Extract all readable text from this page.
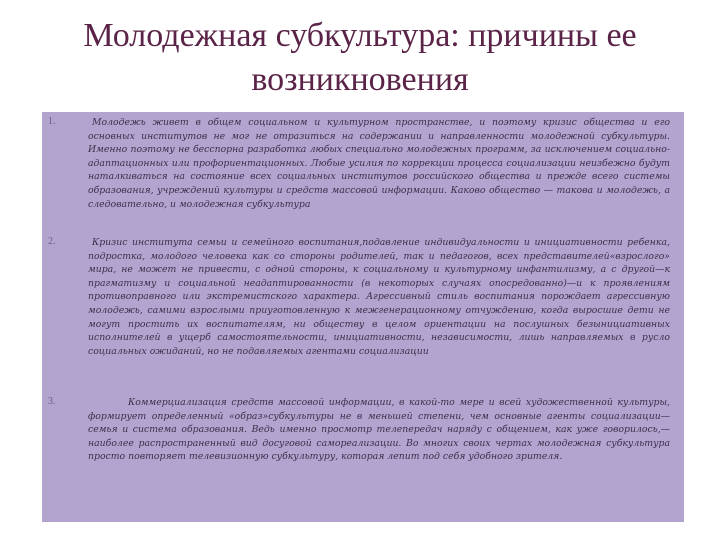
Молодежная субкультура: причины ее
возникновения
1.	Молодежь живет в общем социальном и культурном пространстве, и поэтому кризис общества и его основных институтов не мог не отразиться на содержании и направленности молодежной субкультуры. Именно поэтому не бесспорна разработка любых специально молодежных программ, за исключением социально-адаптационных или профориентационных. Любые усилия по коррекции процесса социализации неизбежно будут наталкиваться на состояние всех социальных институтов российского общества и прежде всего системы образования, учреждений культуры и средств массовой информации. Каково общество — такова и молодежь, а следовательно, и молодежная субкультура
2.	Кризис института семьи и семейного воспитания,подавление индивидуальности и инициативности ребенка, подростка, молодого человека как со стороны родителей, так и педагогов, всех представителей«взрослого» мира, не может не привести, с одной стороны, к социальному и культурному инфантилизму, а с другой—к прагматизму и социальной неадаптированности (в некоторых случаях опосредованно)—и к проявлениям противоправного или экстремистского характера. Агрессивный стиль воспитания порождает агрессивную молодежь, самими взрослыми приуготовленную к межгенерационному отчуждению, когда выросшие дети не могут простить их воспитателям, ни обществу в целом ориентации на послушных безынициативных исполнителей в ущерб самостоятельности, инициативности, независимости, лишь направляемых в русло социальных ожиданий, но не подавляемых агентами социализации
3.	Коммерциализация средств массовой информации, в какой-то мере и всей художественной культуры, формирует определенный «образ»субкультуры не в меньшей степени, чем основные агенты социализации—семья и система образования. Ведь именно просмотр телепередач наряду с общением, как уже говорилось,—наиболее распространенный вид досуговой самореализации. Во многих своих чертах молодежная субкультура просто повторяет телевизионную субкультуру, которая лепит под себя удобного зрителя.
